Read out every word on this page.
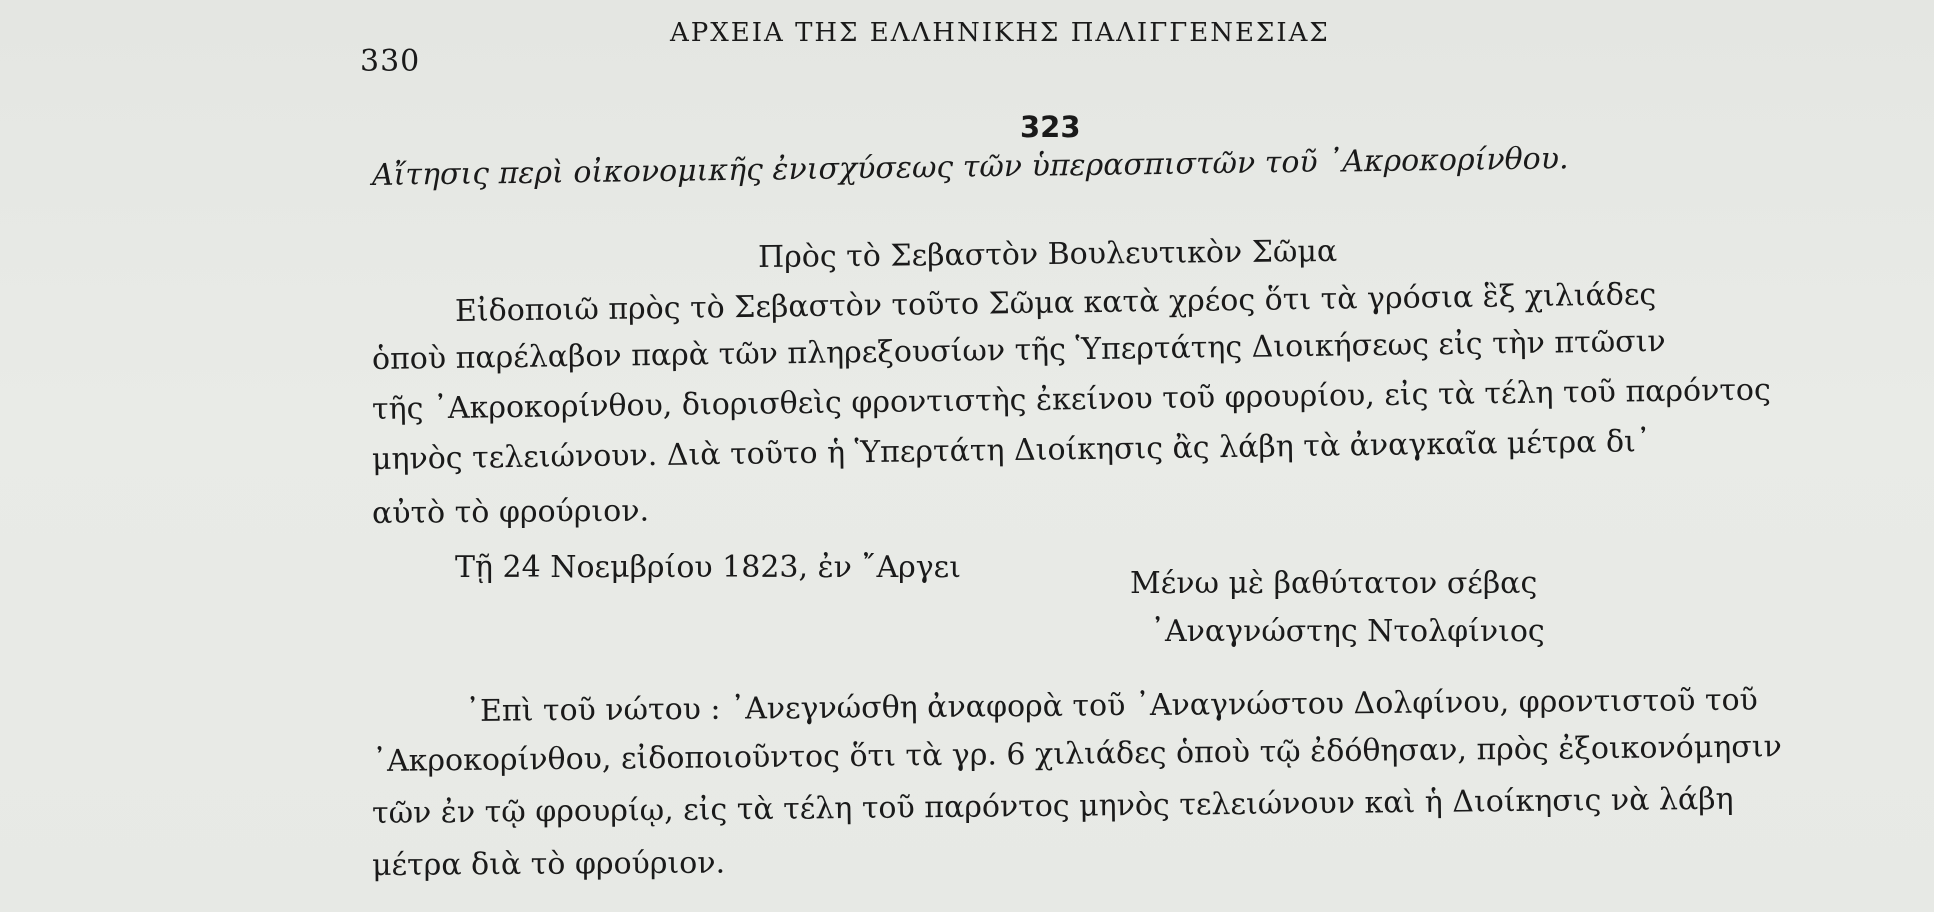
330
ΑΡΧΕΙΑ ΤΗΣ ΕΛΛΗΝΙΚΗΣ ΠΑΛΙΓΓΕΝΕΣΙΑΣ
323
Αἴτησις περὶ οἰκονομικῆς ἐνισχύσεως τῶν ὑπερασπιστῶν τοῦ ᾿Ακροκορίνθου.
Πρὸς τὸ Σεβαστὸν Βουλευτικὸν Σῶμα
Εἰδοποιῶ πρὸς τὸ Σεβαστὸν τοῦτο Σῶμα κατὰ χρέος ὅτι τὰ γρόσια ἓξ χιλιάδες
ὁποὺ παρέλαβον παρὰ τῶν πληρεξουσίων τῆς Ὑπερτάτης Διοικήσεως εἰς τὴν πτῶσιν
τῆς ᾿Ακροκορίνθου, διορισθεὶς φροντιστὴς ἐκείνου τοῦ φρουρίου, εἰς τὰ τέλη τοῦ παρόντος
μηνὸς τελειώνουν. Διὰ τοῦτο ἡ Ὑπερτάτη Διοίκησις ἂς λάβη τὰ ἀναγκαῖα μέτρα δι᾿
αὐτὸ τὸ φρούριον.
Τῇ 24 Νοεμβρίου 1823, ἐν ῎Αργει	Μένω μὲ βαθύτατον σέβας
᾿Αναγνώστης Ντολφίνιος
᾿Επὶ τοῦ νώτου : ᾿Ανεγνώσθη ἀναφορὰ τοῦ ᾿Αναγνώστου Δολφίνου, φροντιστοῦ τοῦ
᾿Ακροκορίνθου, εἰδοποιοῦντος ὅτι τὰ γρ. 6 χιλιάδες ὁποὺ τῷ ἐδόθησαν, πρὸς ἐξοικονόμησιν
τῶν ἐν τῷ φρουρίῳ, εἰς τὰ τέλη τοῦ παρόντος μηνὸς τελειώνουν καὶ ἡ Διοίκησις νὰ λάβη
μέτρα διὰ τὸ φρούριον.
